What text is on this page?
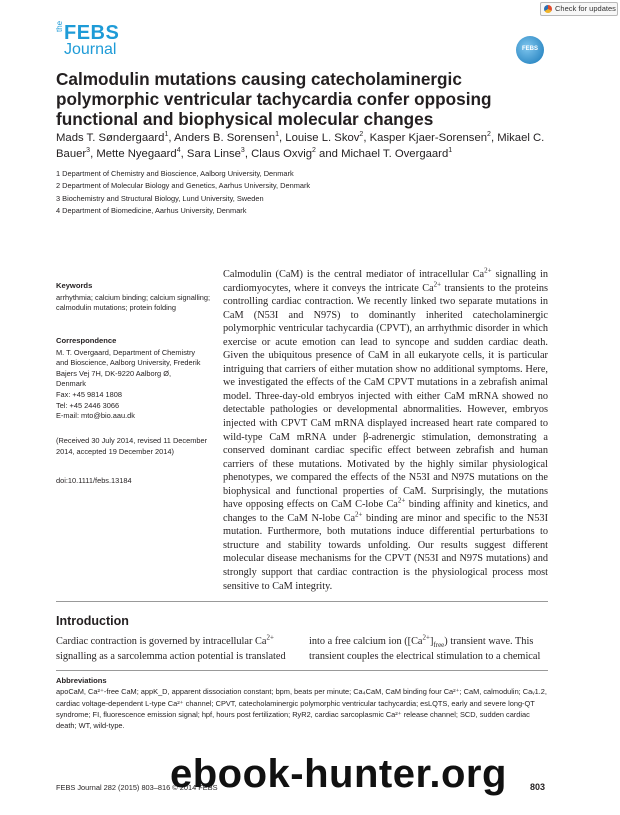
Check for updates
the FEBS
Journal	FEBS
Calmodulin mutations causing catecholaminergic polymorphic ventricular tachycardia confer opposing functional and biophysical molecular changes
Mads T. Søndergaard$^1$, Anders B. Sorensen$^1$, Louise L. Skov$^2$, Kasper Kjaer-Sorensen$^2$, Mikael C. Bauer$^3$, Mette Nyegaard$^4$, Sara Linse$^3$, Claus Oxvig$^2$ and Michael T. Overgaard$^1$
1 Department of Chemistry and Bioscience, Aalborg University, Denmark
2 Department of Molecular Biology and Genetics, Aarhus University, Denmark
3 Biochemistry and Structural Biology, Lund University, Sweden
4 Department of Biomedicine, Aarhus University, Denmark
Keywords
arrhythmia; calcium binding; calcium signalling; calmodulin mutations; protein folding
Correspondence
M. T. Overgaard, Department of Chemistry
and Bioscience, Aalborg University, Frederik
Bajers Vej 7H, DK-9220 Aalborg Ø,
Denmark
Fax: +45 9814 1808
Tel: +45 2446 3066
E-mail: mto@bio.aau.dk
(Received 30 July 2014, revised 11 December 2014, accepted 19 December 2014)
doi:10.1111/febs.13184
Calmodulin (CaM) is the central mediator of intracellular $Ca^{2+}$ signalling in cardiomyocytes, where it conveys the intricate $Ca^{2+}$ transients to the proteins controlling cardiac contraction. We recently linked two separate mutations in CaM (N53I and N97S) to dominantly inherited catecholaminergic polymorphic ventricular tachycardia (CPVT), an arrhythmic disorder in which exercise or acute emotion can lead to syncope and sudden cardiac death. Given the ubiquitous presence of CaM in all eukaryote cells, it is particular intriguing that carriers of either mutation show no additional symptoms. Here, we investigated the effects of the CaM CPVT mutations in a zebrafish animal model. Three-day-old embryos injected with either CaM mRNA showed no detectable pathologies or developmental abnormalities. However, embryos injected with CPVT CaM mRNA displayed increased heart rate compared to wild-type CaM mRNA under β-adrenergic stimulation, demonstrating a conserved dominant cardiac specific effect between zebrafish and human carriers of these mutations. Motivated by the highly similar physiological phenotypes, we compared the effects of the N53I and N97S mutations on the biophysical and functional properties of CaM. Surprisingly, the mutations have opposing effects on CaM C-lobe $Ca^{2+}$ binding affinity and kinetics, and changes to the CaM N-lobe $Ca^{2+}$ binding are minor and specific to the N53I mutation. Furthermore, both mutations induce differential perturbations to structure and stability towards unfolding. Our results suggest different molecular disease mechanisms for the CPVT (N53I and N97S mutations) and strongly support that cardiac contraction is the physiological process most sensitive to CaM integrity.
Introduction
Cardiac contraction is governed by intracellular $Ca^{2+}$ signalling as a sarcolemma action potential is translated
into a free calcium ion $([Ca^{2+}]_{free})$ transient wave. This transient couples the electrical stimulation to a chemical
Abbreviations
apoCaM, Ca²⁺-free CaM; appK_D, apparent dissociation constant; bpm, beats per minute; Ca₄CaM, CaM binding four Ca²⁺; CaM, calmodulin; Caᵥ1.2, cardiac voltage-dependent L-type Ca²⁺ channel; CPVT, catecholaminergic polymorphic ventricular tachycardia; esLQTS, early and severe long-QT syndrome; FI, fluorescence emission signal; hpf, hours post fertilization; RyR2, cardiac sarcoplasmic Ca²⁺ release channel; SCD, sudden cardiac death; WT, wild-type.
FEBS Journal 282 (2015) 803–816 © 2014 FEBS	803
ebook-hunter.org
